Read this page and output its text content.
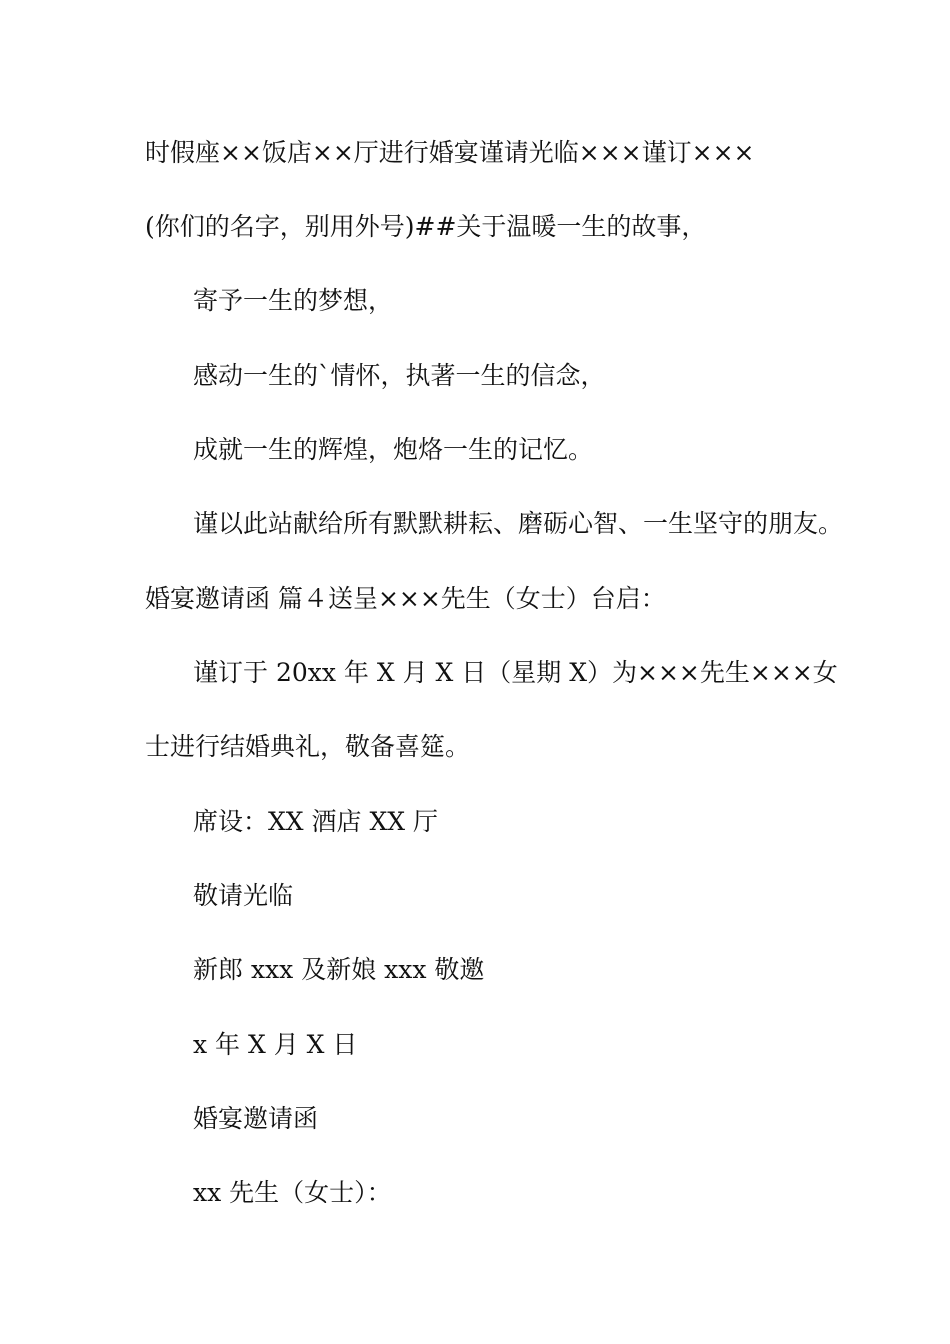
时假座××饭店××厅进行婚宴谨请光临×××谨订×××
(你们的名字，别用外号)##关于温暖一生的故事，
寄予一生的梦想，
感动一生的`情怀，执著一生的信念，
成就一生的辉煌，炮烙一生的记忆。
谨以此站献给所有默默耕耘、磨砺心智、一生坚守的朋友。
婚宴邀请函 篇４送呈×××先生（女士）台启：
谨订于 20xx 年 X 月 X 日（星期 X）为×××先生×××女
士进行结婚典礼，敬备喜筵。
席设：XX 酒店 XX 厅
敬请光临
新郎 xxx 及新娘 xxx 敬邀
x 年 X 月 X 日
婚宴邀请函
xx 先生（女士）：
